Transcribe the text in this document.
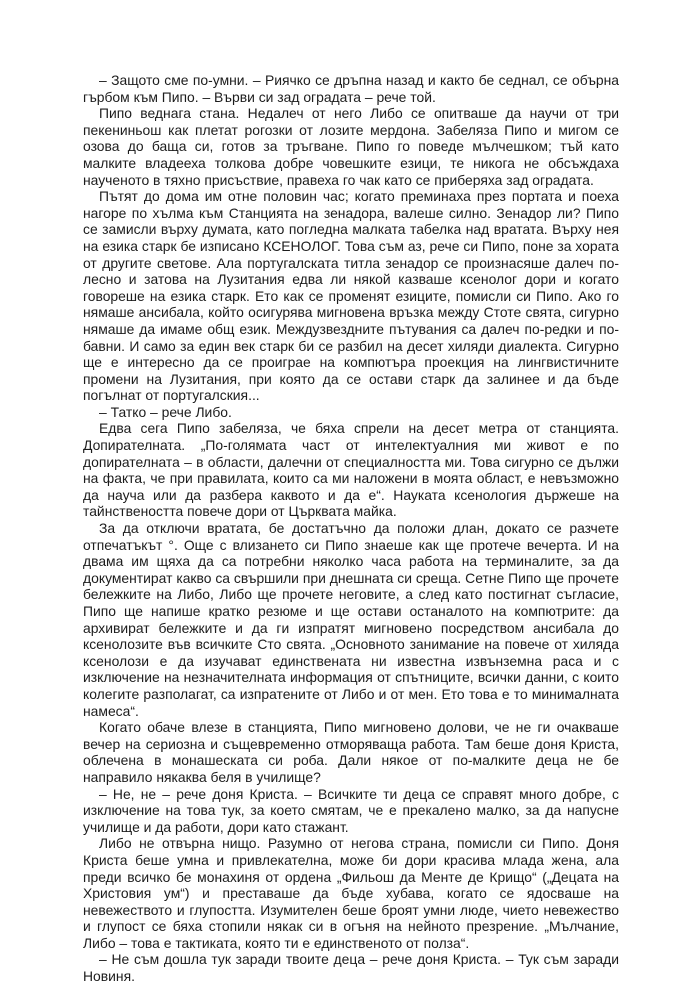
– Защото сме по-умни. – Риячко се дръпна назад и както бе седнал, се обърна гърбом към Пипо. – Върви си зад оградата – рече той.

Пипо веднага стана. Недалеч от него Либо се опитваше да научи от три пекениньош как плетат рогозки от лозите мердона. Забеляза Пипо и мигом се озова до баща си, готов за тръгване. Пипо го поведе мълчешком; тъй като малките владееха толкова добре човешките езици, те никога не обсъждаха наученото в тяхно присъствие, правеха го чак като се приберяха зад оградата.

Пътят до дома им отне половин час; когато преминаха през портата и поеха нагоре по хълма към Станцията на зенадора, валеше силно. Зенадор ли? Пипо се замисли върху думата, като погледна малката табелка над вратата. Върху нея на езика старк бе изписано КСЕНОЛОГ. Това съм аз, рече си Пипо, поне за хората от другите светове. Ала португалската титла зенадор се произнасяше далеч по-лесно и затова на Лузитания едва ли някой казваше ксенолог дори и когато говореше на езика старк. Ето как се променят езиците, помисли си Пипо. Ако го нямаше ансибала, който осигурява мигновена връзка между Стоте свята, сигурно нямаше да имаме общ език. Междузвездните пътувания са далеч по-редки и по-бавни. И само за един век старк би се разбил на десет хиляди диалекта. Сигурно ще е интересно да се проиграе на компютъра проекция на лингвистичните промени на Лузитания, при която да се остави старк да залинее и да бъде погълнат от португалския...

– Татко – рече Либо.

Едва сега Пипо забеляза, че бяха спрели на десет метра от станцията. Допирателната. „По-голямата част от интелектуалния ми живот е по допирателната – в области, далечни от специалността ми. Това сигурно се дължи на факта, че при правилата, които са ми наложени в моята област, е невъзможно да науча или да разбера каквото и да е“. Науката ксенология държеше на тайнствеността повече дори от Църквата майка.

За да отключи вратата, бе достатъчно да положи длан, докато се разчете отпечатъкът °. Още с влизането си Пипо знаеше как ще протече вечерта. И на двама им щяха да са потребни няколко часа работа на терминалите, за да документират какво са свършили при днешната си среща. Сетне Пипо ще прочете бележките на Либо, Либо ще прочете неговите, а след като постигнат съгласие, Пипо ще напише кратко резюме и ще остави останалото на компютрите: да архивират бележките и да ги изпратят мигновено посредством ансибала до ксенолозите във всичките Сто свята. „Основното занимание на повече от хиляда ксенолози е да изучават единствената ни известна извънземна раса и с изключение на незначителната информация от спътниците, всички данни, с които колегите разполагат, са изпратените от Либо и от мен. Ето това е то минималната намеса“.

Когато обаче влезе в станцията, Пипо мигновено долови, че не ги очакваше вечер на сериозна и същевременно отморяваща работа. Там беше доня Криста, облечена в монашеската си роба. Дали някое от по-малките деца не бе направило някаква беля в училище?

– Не, не – рече доня Криста. – Всичките ти деца се справят много добре, с изключение на това тук, за което смятам, че е прекалено малко, за да напусне училище и да работи, дори като стажант.

Либо не отвърна нищо. Разумно от негова страна, помисли си Пипо. Доня Криста беше умна и привлекателна, може би дори красива млада жена, ала преди всичко бе монахиня от ордена „Фильош да Менте де Крищо“ („Децата на Христовия ум“) и преставаше да бъде хубава, когато се ядосваше на невежеството и глупостта. Изумителен беше броят умни люде, чието невежество и глупост се бяха стопили някак си в огъня на нейното презрение. „Мълчание, Либо – това е тактиката, която ти е единственото от полза“.

– Не съм дошла тук заради твоите деца – рече доня Криста. – Тук съм заради Новиня.
